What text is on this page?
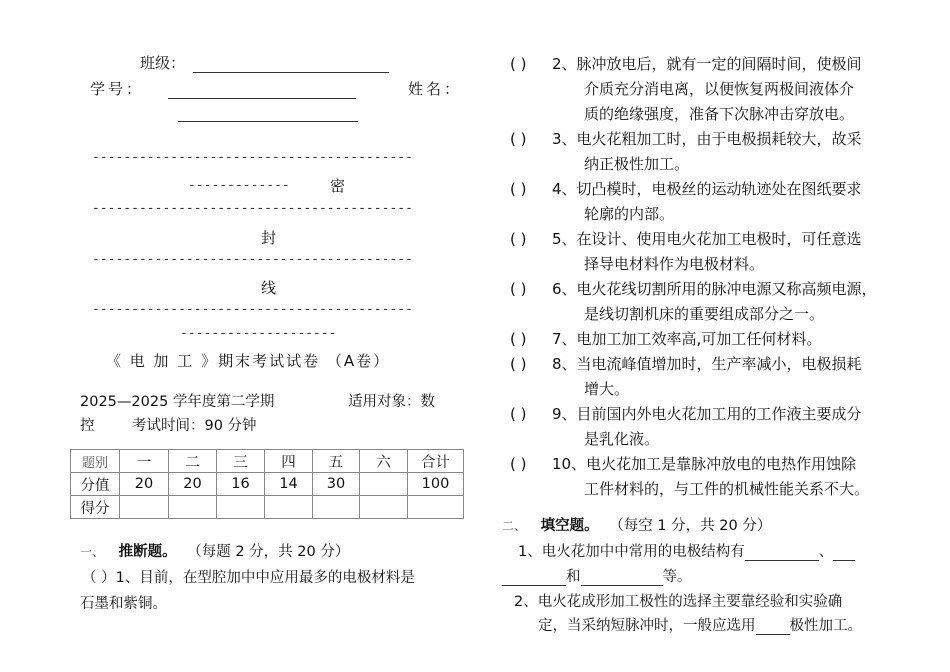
班级：
学号：	姓名：
-----------------------------------------
-------------	密
-----------------------------------------
封
-----------------------------------------
线
-----------------------------------------
--------------------
《 电 加 工 》期末考试试卷 （A卷）
2025—2025 学年度第二学期	适用对象：数
控	考试时间：90 分钟
题别	一	二	三	四	五	六	合计
分值	20	20	16	14	30		100
得分							
一、 推断题。 （每题 2 分，共 20 分）
（ ）1、目前，在型腔加中中应用最多的电极材料是
石墨和紫铜。
( ) 2、脉冲放电后，就有一定的间隔时间，使极间
介质充分消电离，以便恢复两极间液体介
质的绝缘强度，准备下次脉冲击穿放电。
( ) 3、电火花粗加工时，由于电极损耗较大，故采
纳正极性加工。
( ) 4、切凸模时，电极丝的运动轨迹处在图纸要求
轮廓的内部。
( ) 5、在设计、使用电火花加工电极时，可任意选
择导电材料作为电极材料。
( ) 6、电火花线切割所用的脉冲电源又称高频电源，
是线切割机床的重要组成部分之一。
( ) 7、电加工加工效率高,可加工任何材料。
( ) 8、当电流峰值增加时，生产率减小，电极损耗
增大。
( ) 9、目前国内外电火花加工用的工作液主要成分
是乳化液。
( ) 10、电火花加工是靠脉冲放电的电热作用蚀除
工件材料的，与工件的机械性能关系不大。
二、 填空题。 （每空 1 分，共 20 分）
1、电火花加中中常用的电极结构有	、
和	等。
2、电火花成形加工极性的选择主要靠经验和实验确
定，当采纳短脉冲时，一般应选用 极性加工。
